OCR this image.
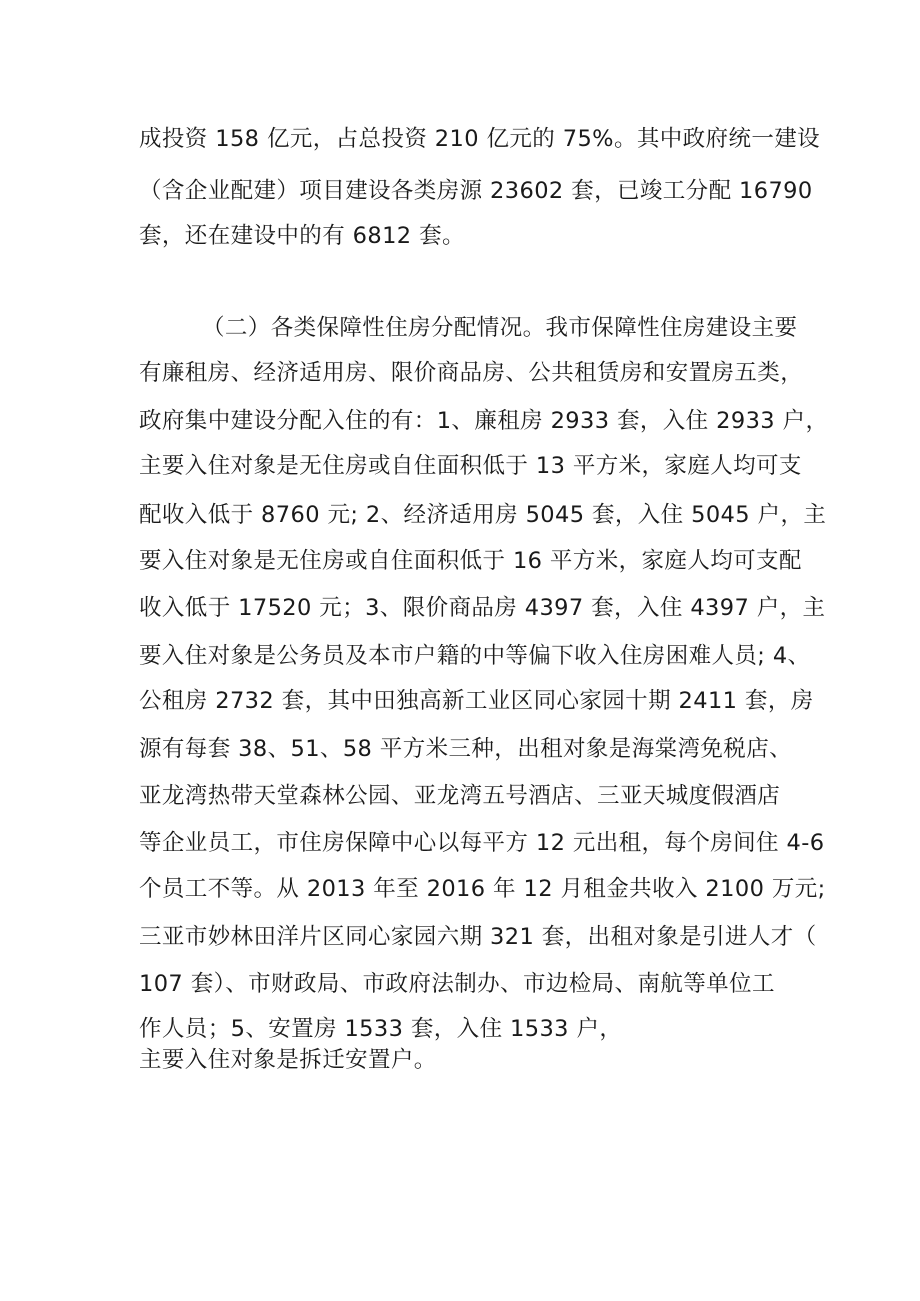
成投资 158 亿元，占总投资 210 亿元的 75%。其中政府统一建设
（含企业配建）项目建设各类房源 23602 套，已竣工分配 16790
套，还在建设中的有 6812 套。
（二）各类保障性住房分配情况。我市保障性住房建设主要
有廉租房、经济适用房、限价商品房、公共租赁房和安置房五类，
政府集中建设分配入住的有：1、廉租房 2933 套，入住 2933 户，
主要入住对象是无住房或自住面积低于 13 平方米，家庭人均可支
配收入低于 8760 元; 2、经济适用房 5045 套，入住 5045 户，主
要入住对象是无住房或自住面积低于 16 平方米，家庭人均可支配
收入低于 17520 元；3、限价商品房 4397 套，入住 4397 户，主
要入住对象是公务员及本市户籍的中等偏下收入住房困难人员; 4、
公租房 2732 套，其中田独高新工业区同心家园十期 2411 套，房
源有每套 38、51、58 平方米三种，出租对象是海棠湾免税店、
亚龙湾热带天堂森林公园、亚龙湾五号酒店、三亚天城度假酒店
等企业员工，市住房保障中心以每平方 12 元出租，每个房间住 4-6
个员工不等。从 2013 年至 2016 年 12 月租金共收入 2100 万元;
三亚市妙林田洋片区同心家园六期 321 套，出租对象是引进人才（
107 套）、市财政局、市政府法制办、市边检局、南航等单位工
作人员；5、安置房 1533 套，入住 1533 户，
主要入住对象是拆迁安置户。
